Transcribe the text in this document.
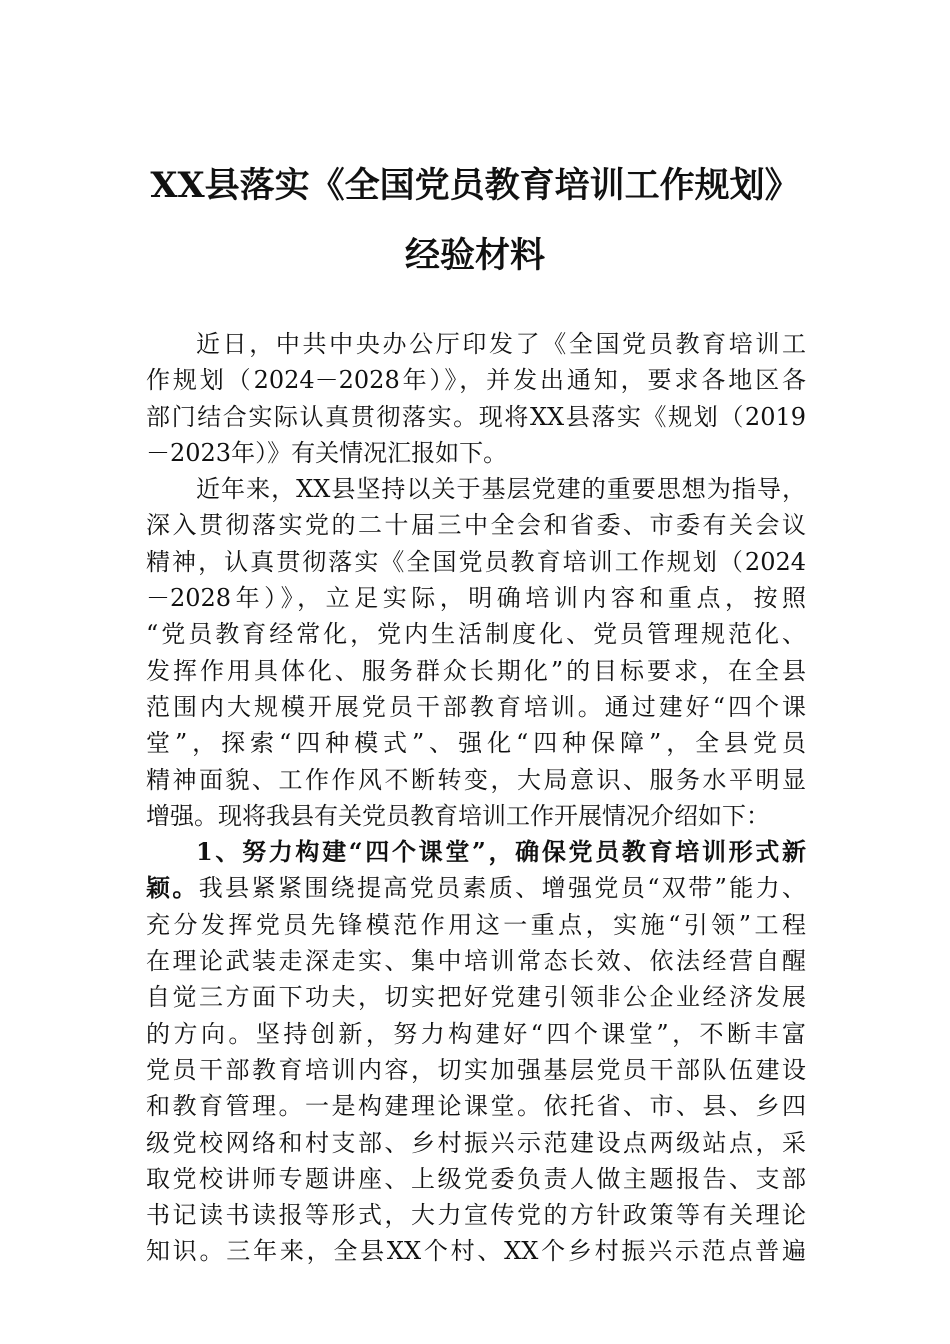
XX县落实《全国党员教育培训工作规划》
经验材料
近日，中共中央办公厅印发了《全国党员教育培训工
作规划（2024－2028年）》，并发出通知，要求各地区各
部门结合实际认真贯彻落实。现将XX县落实《规划（2019
－2023年）》有关情况汇报如下。
近年来，XX县坚持以关于基层党建的重要思想为指导，
深入贯彻落实党的二十届三中全会和省委、市委有关会议
精神，认真贯彻落实《全国党员教育培训工作规划（2024
－2028年）》，立足实际，明确培训内容和重点，按照
“党员教育经常化，党内生活制度化、党员管理规范化、
发挥作用具体化、服务群众长期化”的目标要求，在全县
范围内大规模开展党员干部教育培训。通过建好“四个课
堂”，探索“四种模式”、强化“四种保障”，全县党员
精神面貌、工作作风不断转变，大局意识、服务水平明显
增强。现将我县有关党员教育培训工作开展情况介绍如下：
1、努力构建“四个课堂”，确保党员教育培训形式新
颖。我县紧紧围绕提高党员素质、增强党员“双带”能力、
充分发挥党员先锋模范作用这一重点，实施“引领”工程
在理论武装走深走实、集中培训常态长效、依法经营自醒
自觉三方面下功夫，切实把好党建引领非公企业经济发展
的方向。坚持创新，努力构建好“四个课堂”，不断丰富
党员干部教育培训内容，切实加强基层党员干部队伍建设
和教育管理。一是构建理论课堂。依托省、市、县、乡四
级党校网络和村支部、乡村振兴示范建设点两级站点，采
取党校讲师专题讲座、上级党委负责人做主题报告、支部
书记读书读报等形式，大力宣传党的方针政策等有关理论
知识。三年来，全县XX个村、XX个乡村振兴示范点普遍
